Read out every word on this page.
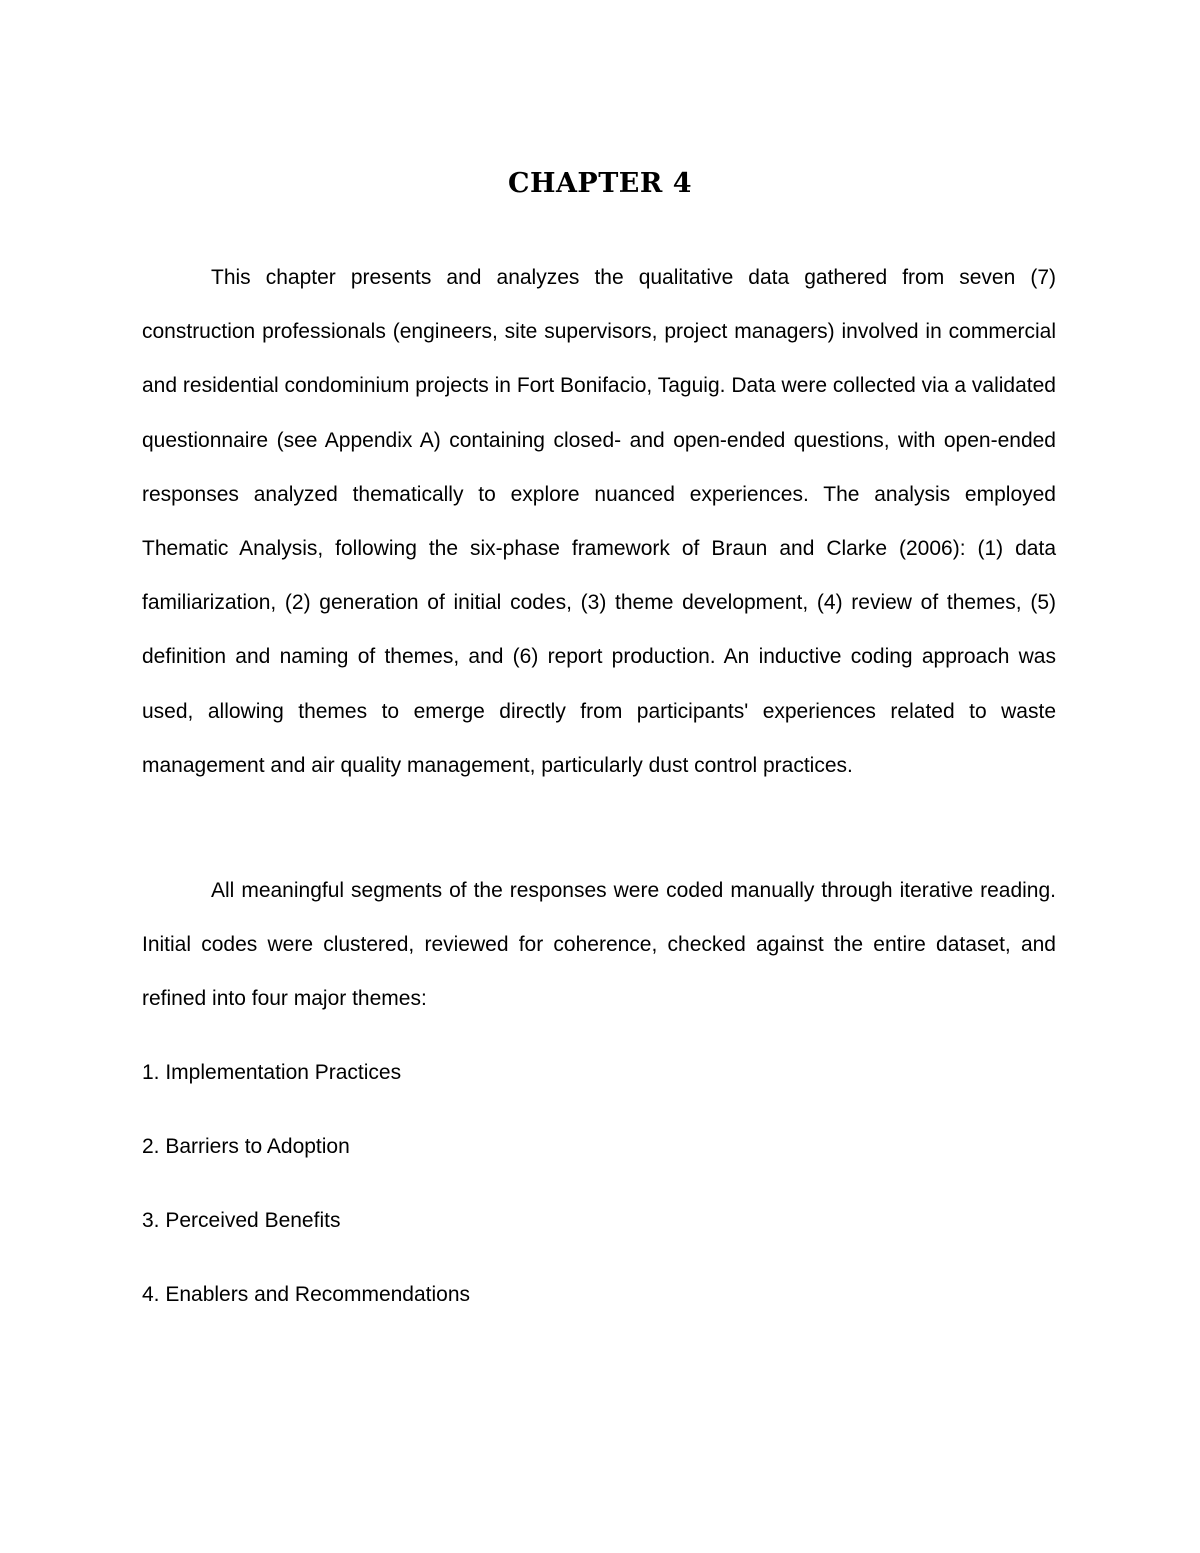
CHAPTER 4

This chapter presents and analyzes the qualitative data gathered from seven (7) construction professionals (engineers, site supervisors, project managers) involved in commercial and residential condominium projects in Fort Bonifacio, Taguig. Data were collected via a validated questionnaire (see Appendix A) containing closed- and open-ended questions, with open-ended responses analyzed thematically to explore nuanced experiences. The analysis employed Thematic Analysis, following the six-phase framework of Braun and Clarke (2006): (1) data familiarization, (2) generation of initial codes, (3) theme development, (4) review of themes, (5) definition and naming of themes, and (6) report production. An inductive coding approach was used, allowing themes to emerge directly from participants' experiences related to waste management and air quality management, particularly dust control practices.

All meaningful segments of the responses were coded manually through iterative reading. Initial codes were clustered, reviewed for coherence, checked against the entire dataset, and refined into four major themes:

1. Implementation Practices
2. Barriers to Adoption
3. Perceived Benefits
4. Enablers and Recommendations
